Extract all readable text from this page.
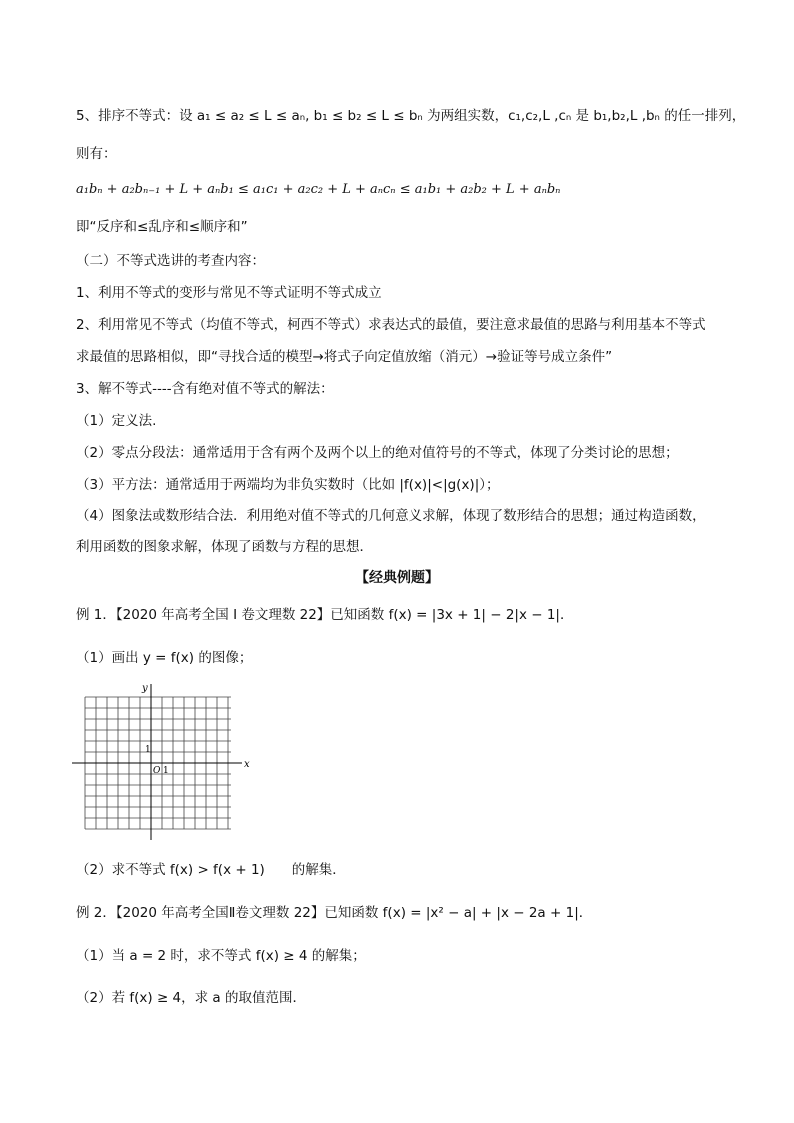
5、排序不等式：设 a₁ ≤ a₂ ≤ L ≤ aₙ, b₁ ≤ b₂ ≤ L ≤ bₙ 为两组实数，c₁,c₂,L ,cₙ 是 b₁,b₂,L ,bₙ 的任一排列，
则有：
a₁bₙ + a₂bₙ₋₁ + L + aₙb₁ ≤ a₁c₁ + a₂c₂ + L + aₙcₙ ≤ a₁b₁ + a₂b₂ + L + aₙbₙ
即“反序和≤乱序和≤顺序和”
（二）不等式选讲的考查内容：
1、利用不等式的变形与常见不等式证明不等式成立
2、利用常见不等式（均值不等式，柯西不等式）求表达式的最值，要注意求最值的思路与利用基本不等式
求最值的思路相似，即“寻找合适的模型→将式子向定值放缩（消元）→验证等号成立条件”
3、解不等式----含有绝对值不等式的解法：
（1）定义法.
（2）零点分段法：通常适用于含有两个及两个以上的绝对值符号的不等式，体现了分类讨论的思想；
（3）平方法：通常适用于两端均为非负实数时（比如 |f(x)|<|g(x)|）；
（4）图象法或数形结合法．利用绝对值不等式的几何意义求解，体现了数形结合的思想；通过构造函数，
利用函数的图象求解，体现了函数与方程的思想．
【经典例题】
例 1．【2020 年高考全国 I 卷文理数 22】已知函数 f(x) = |3x + 1| − 2|x − 1|．
（1）画出 y = f(x) 的图像；
x
y
O 1
1
（2）求不等式 f(x) > f(x + 1)　　的解集．
例 2．【2020 年高考全国Ⅱ卷文理数 22】已知函数 f(x) = |x² − a| + |x − 2a + 1|．
（1）当 a = 2 时，求不等式 f(x) ≥ 4 的解集；
（2）若 f(x) ≥ 4，求 a 的取值范围．
